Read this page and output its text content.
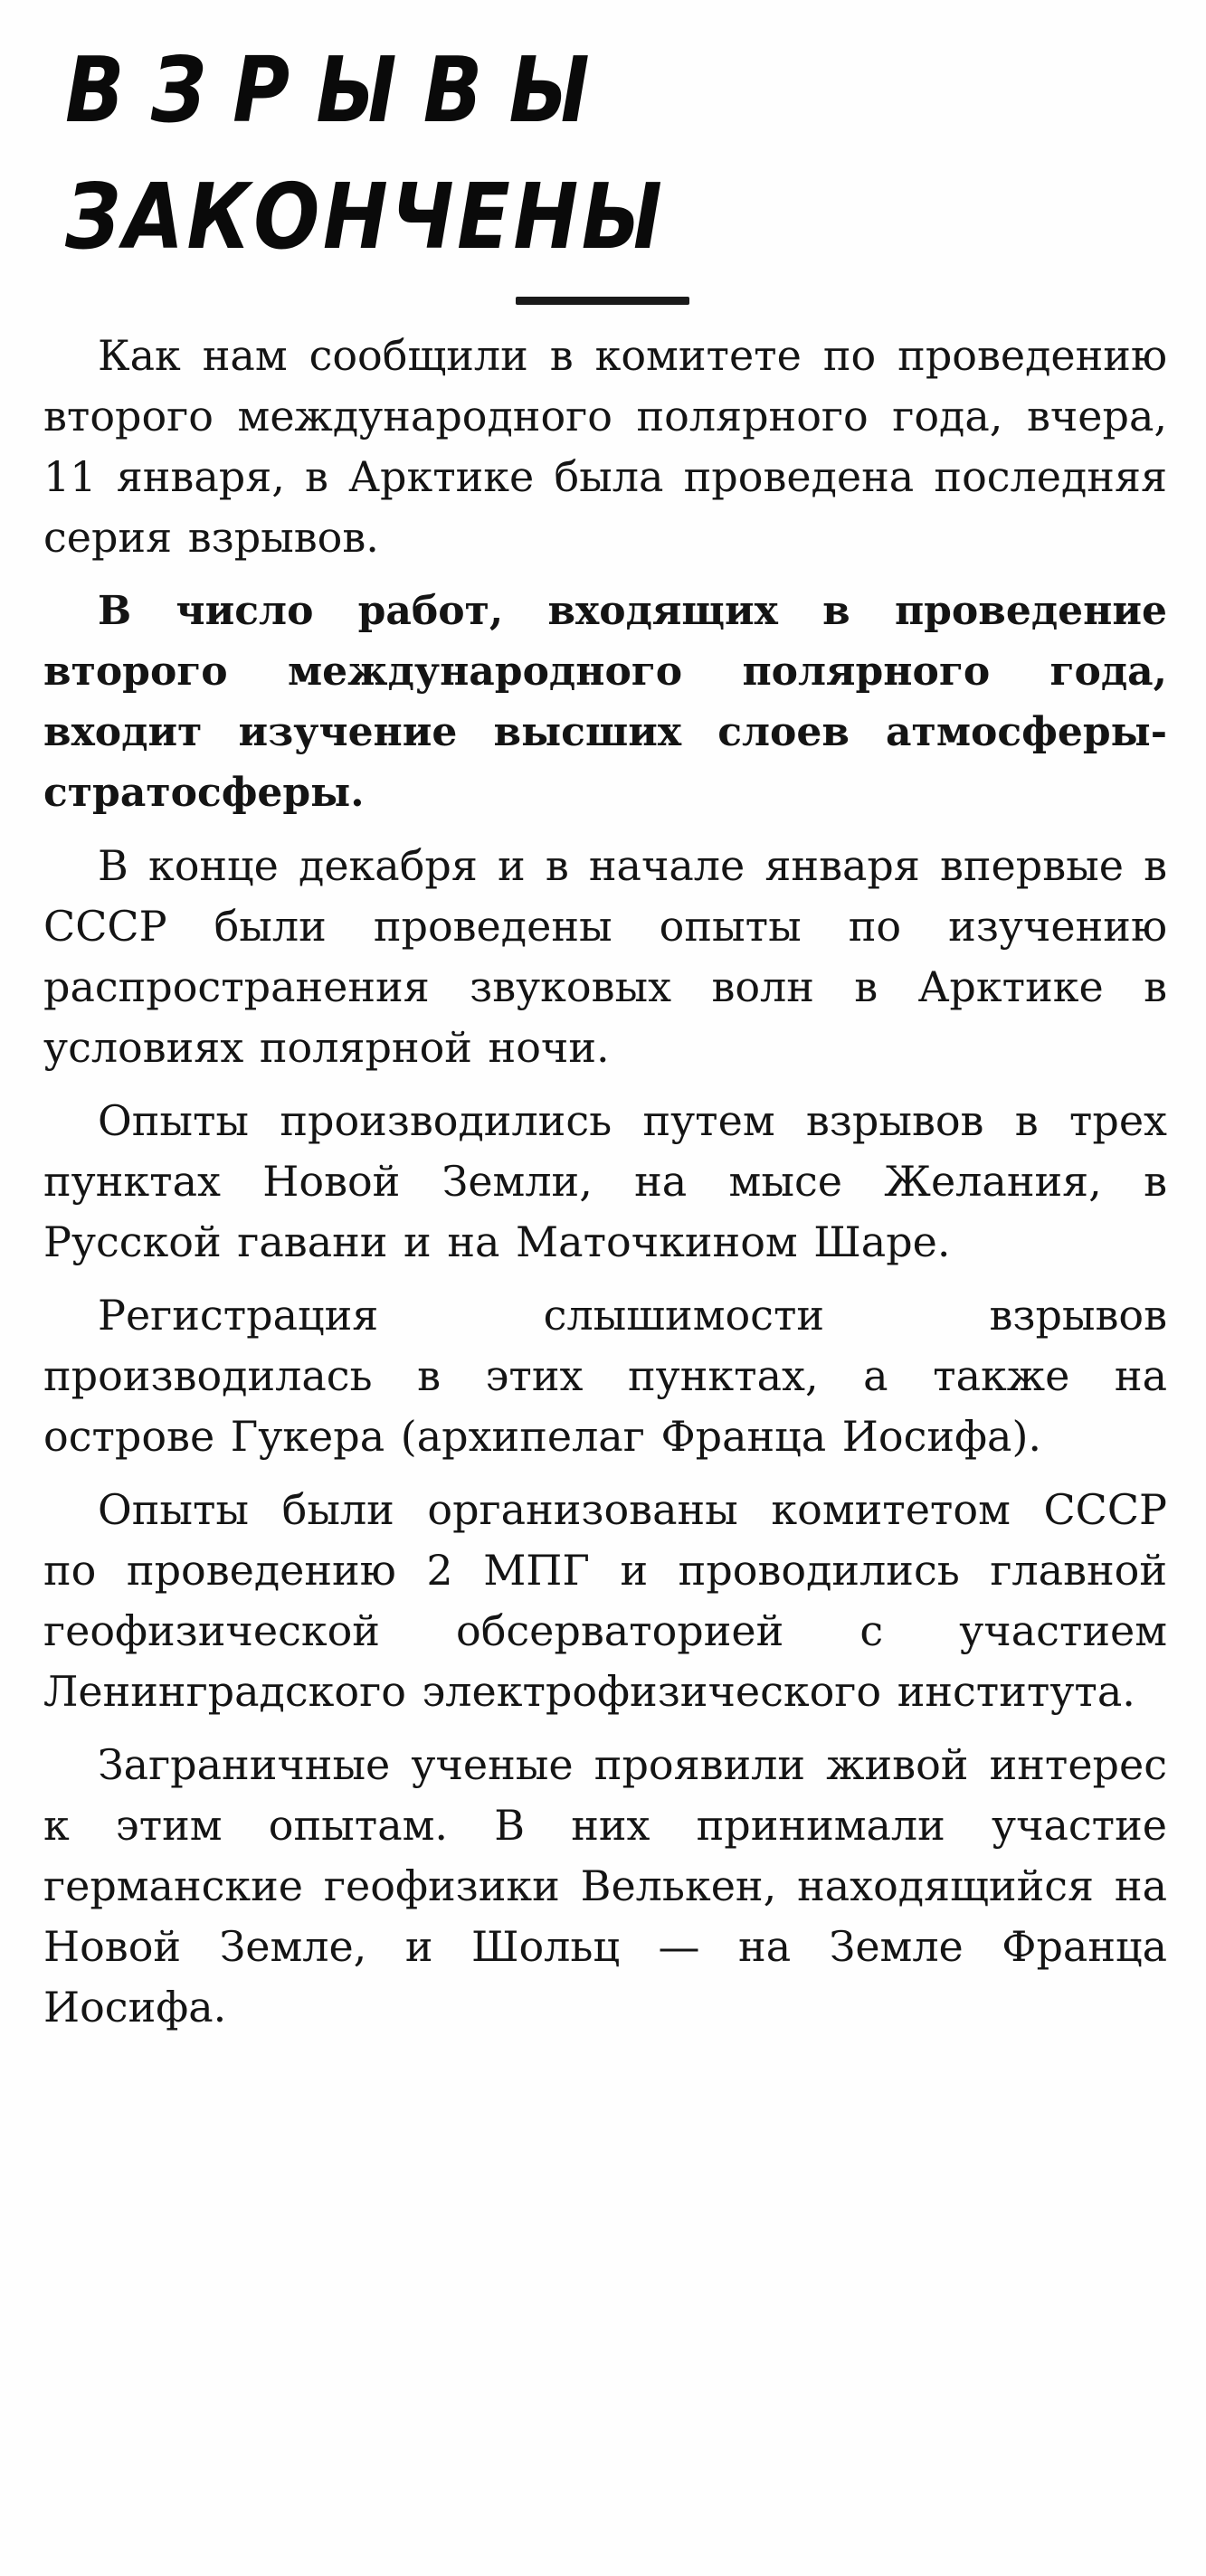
ВЗРЫВЫ
ЗАКОНЧЕНЫ

Как нам сообщили в комитете по проведению второго международного полярного года, вчера, 11 января, в Арктике была проведена последняя серия взрывов.

В число работ, входящих в проведение второго международного полярного года, входит изучение высших слоев атмосферы-стратосферы.

В конце декабря и в начале января впервые в СССР были проведены опыты по изучению распространения звуковых волн в Арктике в условиях полярной ночи.

Опыты производились путем взрывов в трех пунктах Новой Земли, на мысе Желания, в Русской гавани и на Маточкином Шаре.

Регистрация слышимости взрывов производилась в этих пунктах, а также на острове Гукера (архипелаг Франца Иосифа).

Опыты были организованы комитетом СССР по проведению 2 МПГ и проводились главной геофизической обсерваторией с участием Ленинградского электрофизического института.

Заграничные ученые проявили живой интерес к этим опытам. В них принимали участие германские геофизики Велькен, находящийся на Новой Земле, и Шольц — на Земле Франца Иосифа.
